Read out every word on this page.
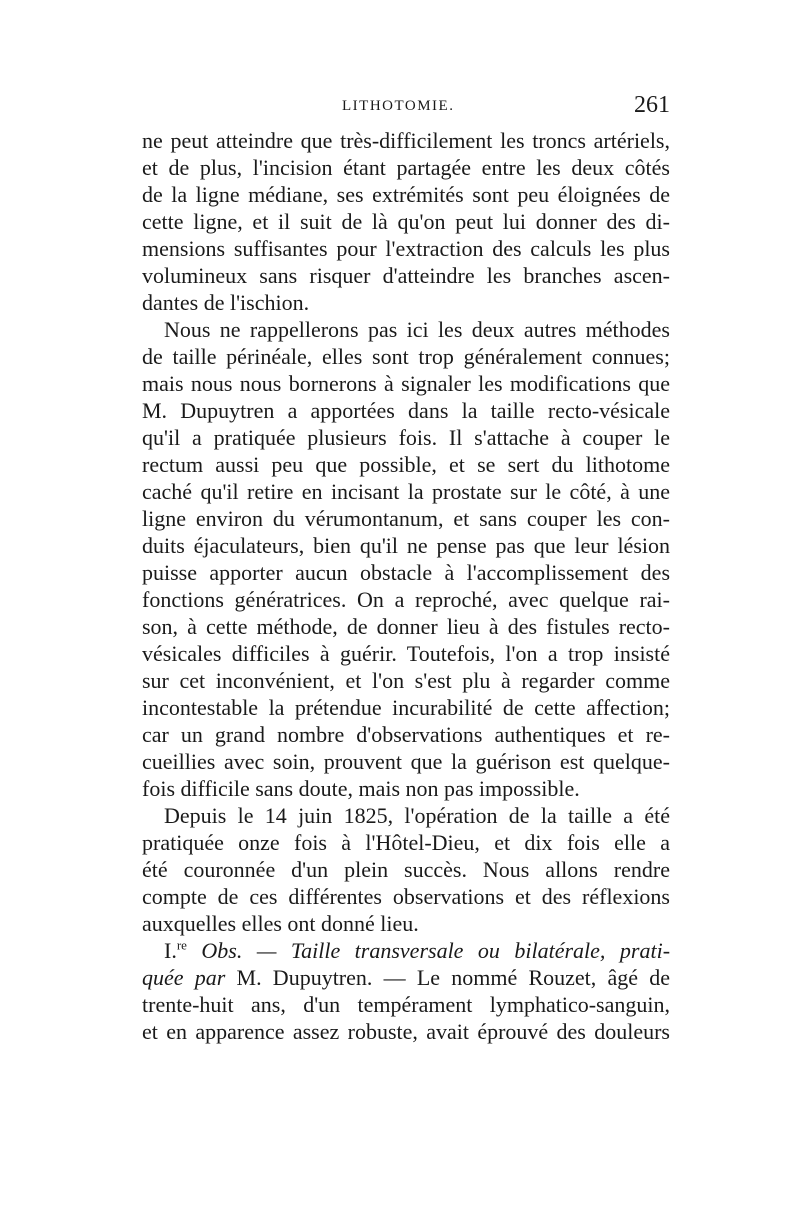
LITHOTOMIE.	261
ne peut atteindre que très-difficilement les troncs artériels,
et de plus, l'incision étant partagée entre les deux côtés
de la ligne médiane, ses extrémités sont peu éloignées de
cette ligne, et il suit de là qu'on peut lui donner des di-
mensions suffisantes pour l'extraction des calculs les plus
volumineux sans risquer d'atteindre les branches ascen-
dantes de l'ischion.
Nous ne rappellerons pas ici les deux autres méthodes
de taille périnéale, elles sont trop généralement connues;
mais nous nous bornerons à signaler les modifications que
M. Dupuytren a apportées dans la taille recto-vésicale
qu'il a pratiquée plusieurs fois. Il s'attache à couper le
rectum aussi peu que possible, et se sert du lithotome
caché qu'il retire en incisant la prostate sur le côté, à une
ligne environ du vérumontanum, et sans couper les con-
duits éjaculateurs, bien qu'il ne pense pas que leur lésion
puisse apporter aucun obstacle à l'accomplissement des
fonctions génératrices. On a reproché, avec quelque rai-
son, à cette méthode, de donner lieu à des fistules recto-
vésicales difficiles à guérir. Toutefois, l'on a trop insisté
sur cet inconvénient, et l'on s'est plu à regarder comme
incontestable la prétendue incurabilité de cette affection;
car un grand nombre d'observations authentiques et re-
cueillies avec soin, prouvent que la guérison est quelque-
fois difficile sans doute, mais non pas impossible.
Depuis le 14 juin 1825, l'opération de la taille a été
pratiquée onze fois à l'Hôtel-Dieu, et dix fois elle a
été couronnée d'un plein succès. Nous allons rendre
compte de ces différentes observations et des réflexions
auxquelles elles ont donné lieu.
I.$^{re}$ Obs. — Taille transversale ou bilatérale, prati-
quée par M. Dupuytren. — Le nommé Rouzet, âgé de
trente-huit ans, d'un tempérament lymphatico-sanguin,
et en apparence assez robuste, avait éprouvé des douleurs
